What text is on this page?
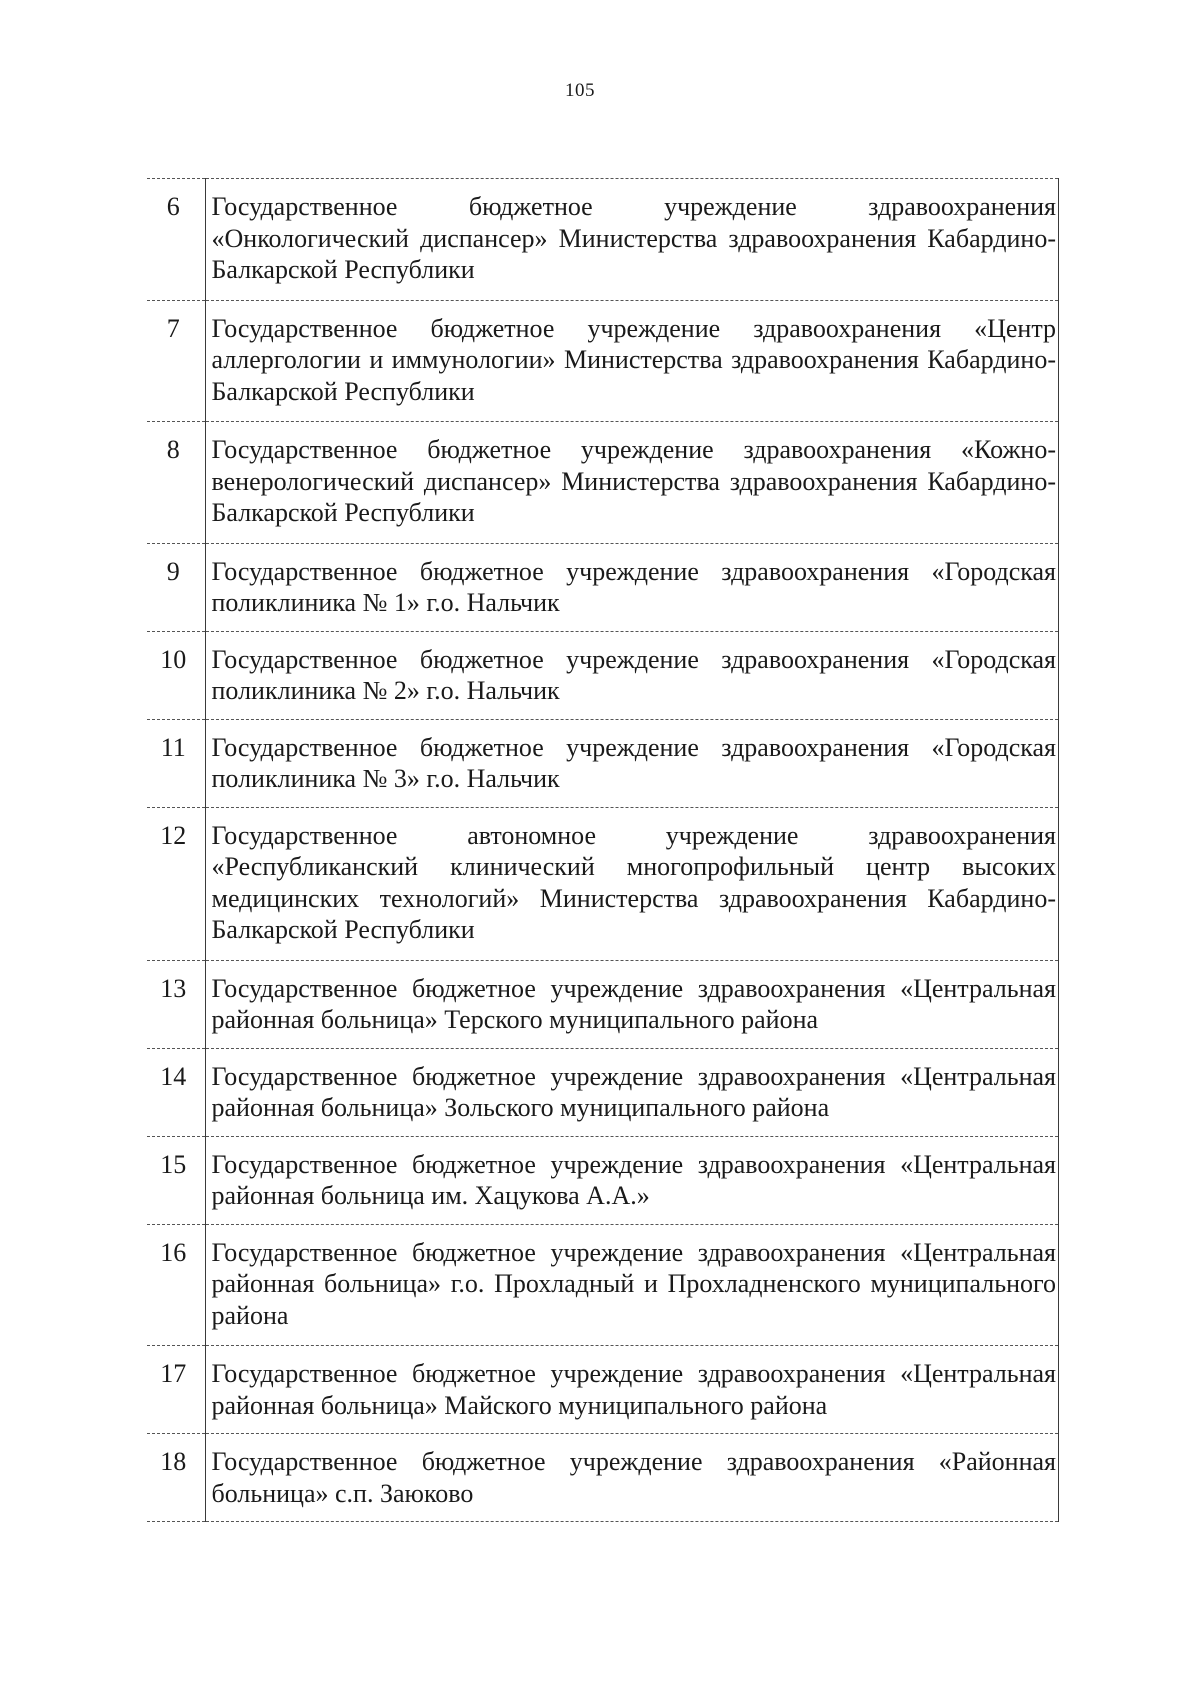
105
6	Государственное бюджетное учреждение здравоохранения «Онкологический диспансер» Министерства здравоохранения Кабардино-Балкарской Республики
7	Государственное бюджетное учреждение здравоохранения «Центр аллергологии и иммунологии» Министерства здравоохранения Кабардино-Балкарской Республики
8	Государственное бюджетное учреждение здравоохранения «Кожно-венерологический диспансер» Министерства здравоохранения Кабардино-Балкарской Республики
9	Государственное бюджетное учреждение здравоохранения «Городская поликлиника № 1» г.о. Нальчик
10	Государственное бюджетное учреждение здравоохранения «Городская поликлиника № 2» г.о. Нальчик
11	Государственное бюджетное учреждение здравоохранения «Городская поликлиника № 3» г.о. Нальчик
12	Государственное автономное учреждение здравоохранения «Республиканский клинический многопрофильный центр высоких медицинских технологий» Министерства здравоохранения Кабардино-Балкарской Республики
13	Государственное бюджетное учреждение здравоохранения «Центральная районная больница» Терского муниципального района
14	Государственное бюджетное учреждение здравоохранения «Центральная районная больница» Зольского муниципального района
15	Государственное бюджетное учреждение здравоохранения «Центральная районная больница им. Хацукова А.А.»
16	Государственное бюджетное учреждение здравоохранения «Центральная районная больница» г.о. Прохладный и Прохладненского муниципального района
17	Государственное бюджетное учреждение здравоохранения «Центральная районная больница» Майского муниципального района
18	Государственное бюджетное учреждение здравоохранения «Районная больница» с.п. Заюково
